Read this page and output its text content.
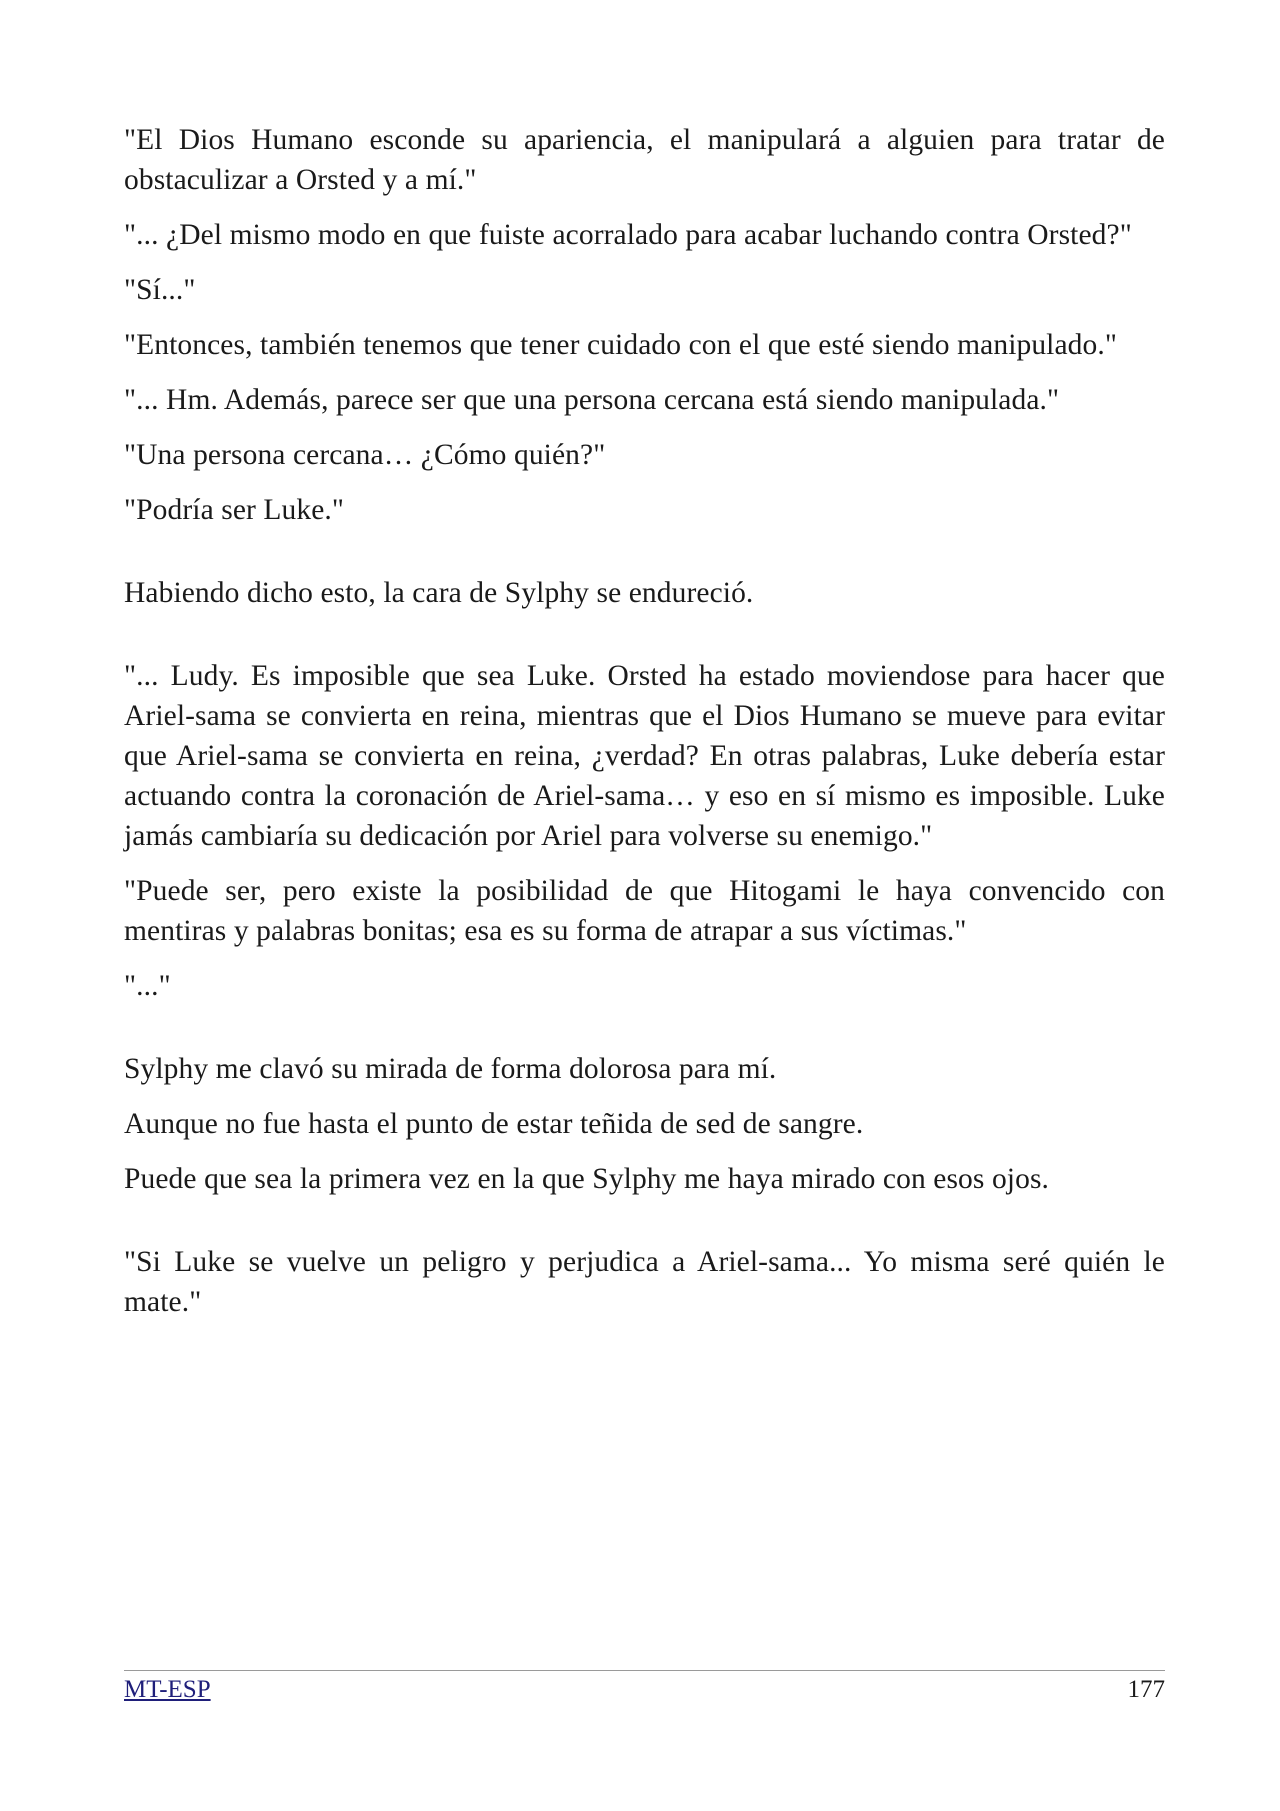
"El Dios Humano esconde su apariencia, el manipulará a alguien para tratar de obstaculizar a Orsted y a mí."

"... ¿Del mismo modo en que fuiste acorralado para acabar luchando contra Orsted?"

"Sí..."

"Entonces, también tenemos que tener cuidado con el que esté siendo manipulado."

"... Hm. Además, parece ser que una persona cercana está siendo manipulada."

"Una persona cercana… ¿Cómo quién?"

"Podría ser Luke."

Habiendo dicho esto, la cara de Sylphy se endureció.

"... Ludy. Es imposible que sea Luke. Orsted ha estado moviendose para hacer que Ariel-sama se convierta en reina, mientras que el Dios Humano se mueve para evitar que Ariel-sama se convierta en reina, ¿verdad? En otras palabras, Luke debería estar actuando contra la coronación de Ariel-sama… y eso en sí mismo es imposible. Luke jamás cambiaría su dedicación por Ariel para volverse su enemigo."

"Puede ser, pero existe la posibilidad de que Hitogami le haya convencido con mentiras y palabras bonitas; esa es su forma de atrapar a sus víctimas."

"..."

Sylphy me clavó su mirada de forma dolorosa para mí.

Aunque no fue hasta el punto de estar teñida de sed de sangre.

Puede que sea la primera vez en la que Sylphy me haya mirado con esos ojos.

"Si Luke se vuelve un peligro y perjudica a Ariel-sama... Yo misma seré quién le mate."

MT-ESP	177
